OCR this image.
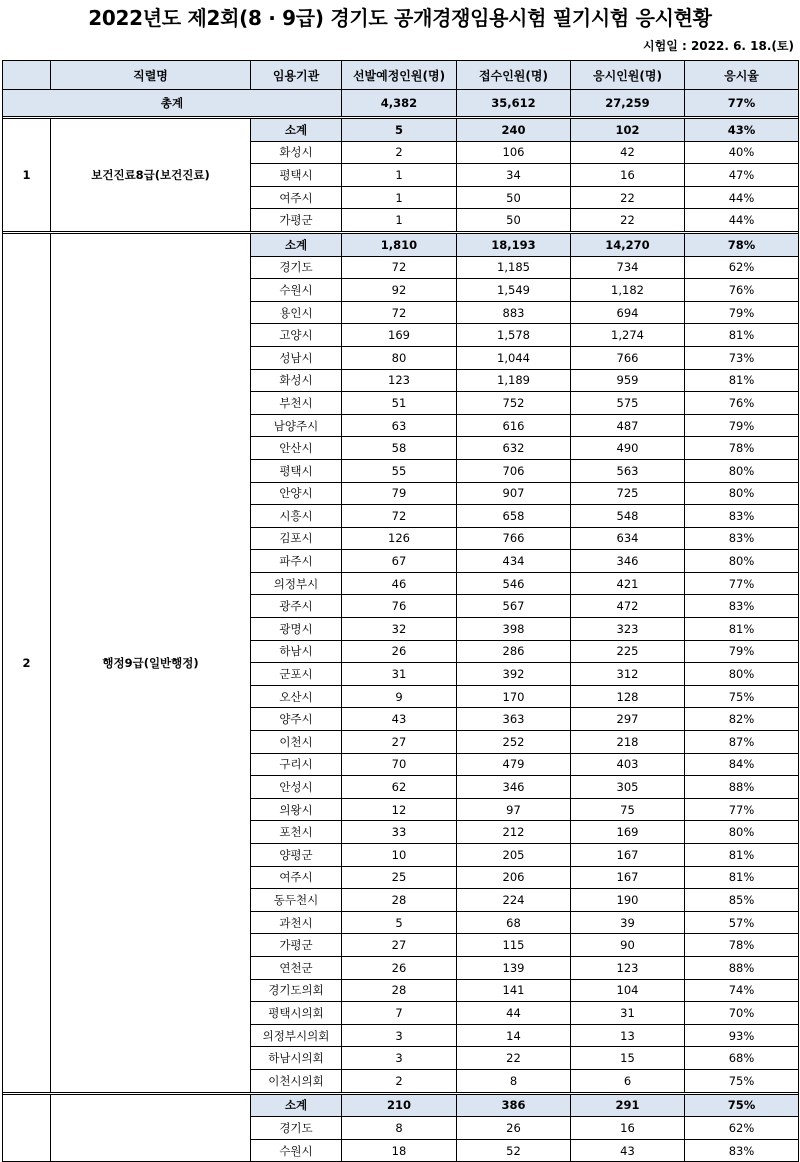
2022년도 제2회(8 · 9급) 경기도 공개경쟁임용시험 필기시험 응시현황
시험일 : 2022. 6. 18.(토)
	직렬명	임용기관	선발예정인원(명)	접수인원(명)	응시인원(명)	응시율
총계			4,382	35,612	27,259	77%

1	보건진료8급(보건진료)	소계	5	240	102	43%
		화성시	2	106	42	40%
		평택시	1	34	16	47%
		여주시	1	50	22	44%
		가평군	1	50	22	44%

2	행정9급(일반행정)	소계	1,810	18,193	14,270	78%
		경기도	72	1,185	734	62%
		수원시	92	1,549	1,182	76%
		용인시	72	883	694	79%
		고양시	169	1,578	1,274	81%
		성남시	80	1,044	766	73%
		화성시	123	1,189	959	81%
		부천시	51	752	575	76%
		남양주시	63	616	487	79%
		안산시	58	632	490	78%
		평택시	55	706	563	80%
		안양시	79	907	725	80%
		시흥시	72	658	548	83%
		김포시	126	766	634	83%
		파주시	67	434	346	80%
		의정부시	46	546	421	77%
		광주시	76	567	472	83%
		광명시	32	398	323	81%
		하남시	26	286	225	79%
		군포시	31	392	312	80%
		오산시	9	170	128	75%
		양주시	43	363	297	82%
		이천시	27	252	218	87%
		구리시	70	479	403	84%
		안성시	62	346	305	88%
		의왕시	12	97	75	77%
		포천시	33	212	169	80%
		양평군	10	205	167	81%
		여주시	25	206	167	81%
		동두천시	28	224	190	85%
		과천시	5	68	39	57%
		가평군	27	115	90	78%
		연천군	26	139	123	88%
		경기도의회	28	141	104	74%
		평택시의회	7	44	31	70%
		의정부시의회	3	14	13	93%
		하남시의회	3	22	15	68%
		이천시의회	2	8	6	75%

		소계	210	386	291	75%
		경기도	8	26	16	62%
		수원시	18	52	43	83%
